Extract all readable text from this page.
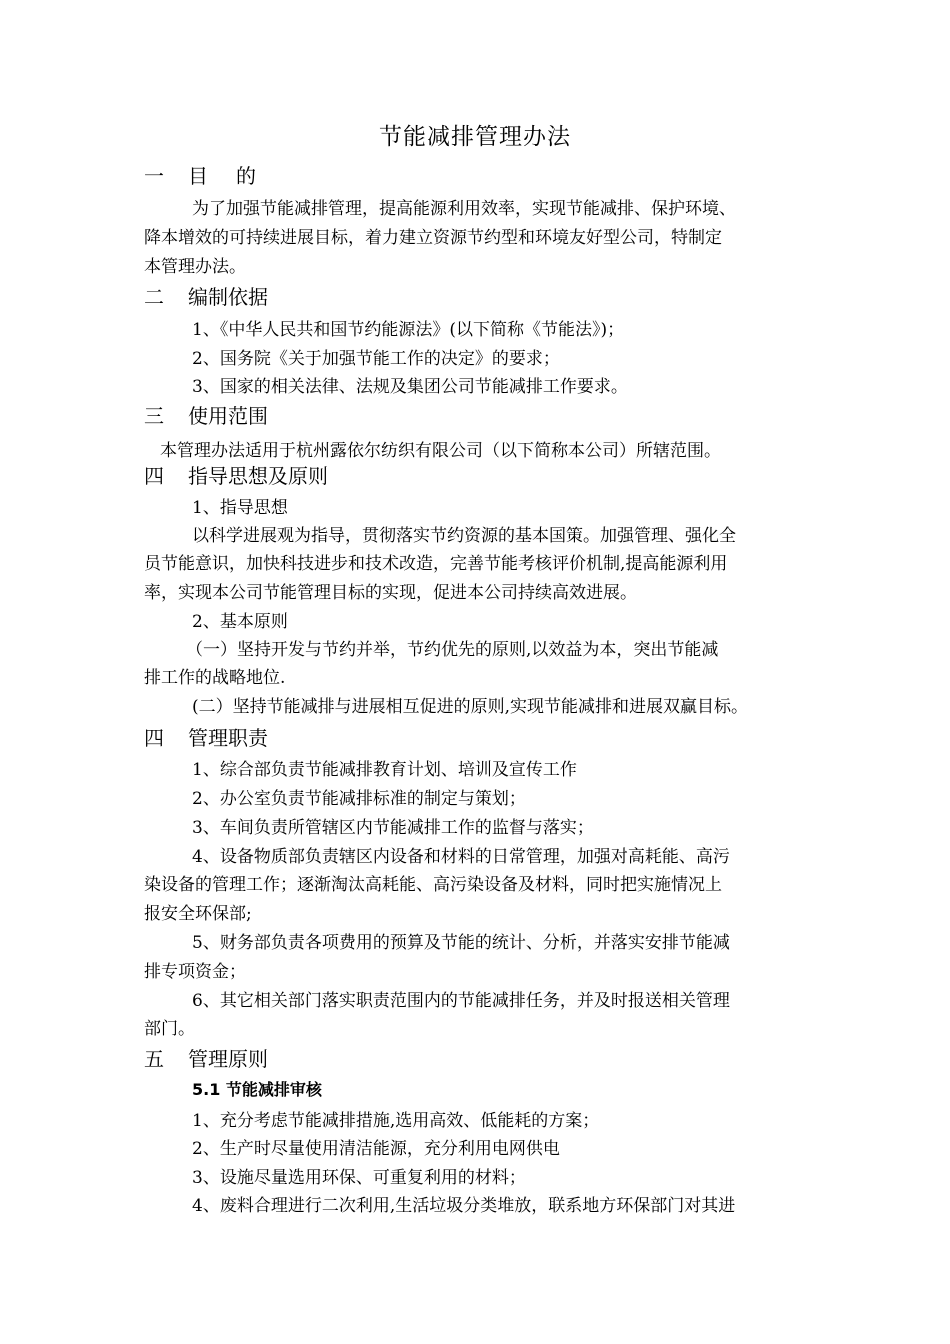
节能减排管理办法
一 目的
为了加强节能减排管理，提高能源利用效率，实现节能减排、保护环境、
降本增效的可持续进展目标，着力建立资源节约型和环境友好型公司，特制定
本管理办法。
二 编制依据
1、《中华人民共和国节约能源法》(以下简称《节能法》)；
2、国务院《关于加强节能工作的决定》的要求；
3、国家的相关法律、法规及集团公司节能减排工作要求。
三 使用范围
本管理办法适用于杭州露依尔纺织有限公司（以下简称本公司）所辖范围。
四 指导思想及原则
1、指导思想
以科学进展观为指导，贯彻落实节约资源的基本国策。加强管理、强化全
员节能意识，加快科技进步和技术改造，完善节能考核评价机制,提高能源利用
率，实现本公司节能管理目标的实现，促进本公司持续高效进展。
2、基本原则
（一）坚持开发与节约并举，节约优先的原则,以效益为本，突出节能减
排工作的战略地位.
(二）坚持节能减排与进展相互促进的原则,实现节能减排和进展双赢目标。
四 管理职责
1、综合部负责节能减排教育计划、培训及宣传工作
2、办公室负责节能减排标准的制定与策划；
3、车间负责所管辖区内节能减排工作的监督与落实；
4、设备物质部负责辖区内设备和材料的日常管理，加强对高耗能、高污
染设备的管理工作；逐渐淘汰高耗能、高污染设备及材料，同时把实施情况上
报安全环保部;
5、财务部负责各项费用的预算及节能的统计、分析，并落实安排节能减
排专项资金；
6、其它相关部门落实职责范围内的节能减排任务，并及时报送相关管理
部门。
五 管理原则
5.1 节能减排审核
1、充分考虑节能减排措施,选用高效、低能耗的方案；
2、生产时尽量使用清洁能源，充分利用电网供电
3、设施尽量选用环保、可重复利用的材料；
4、废料合理进行二次利用,生活垃圾分类堆放，联系地方环保部门对其进
